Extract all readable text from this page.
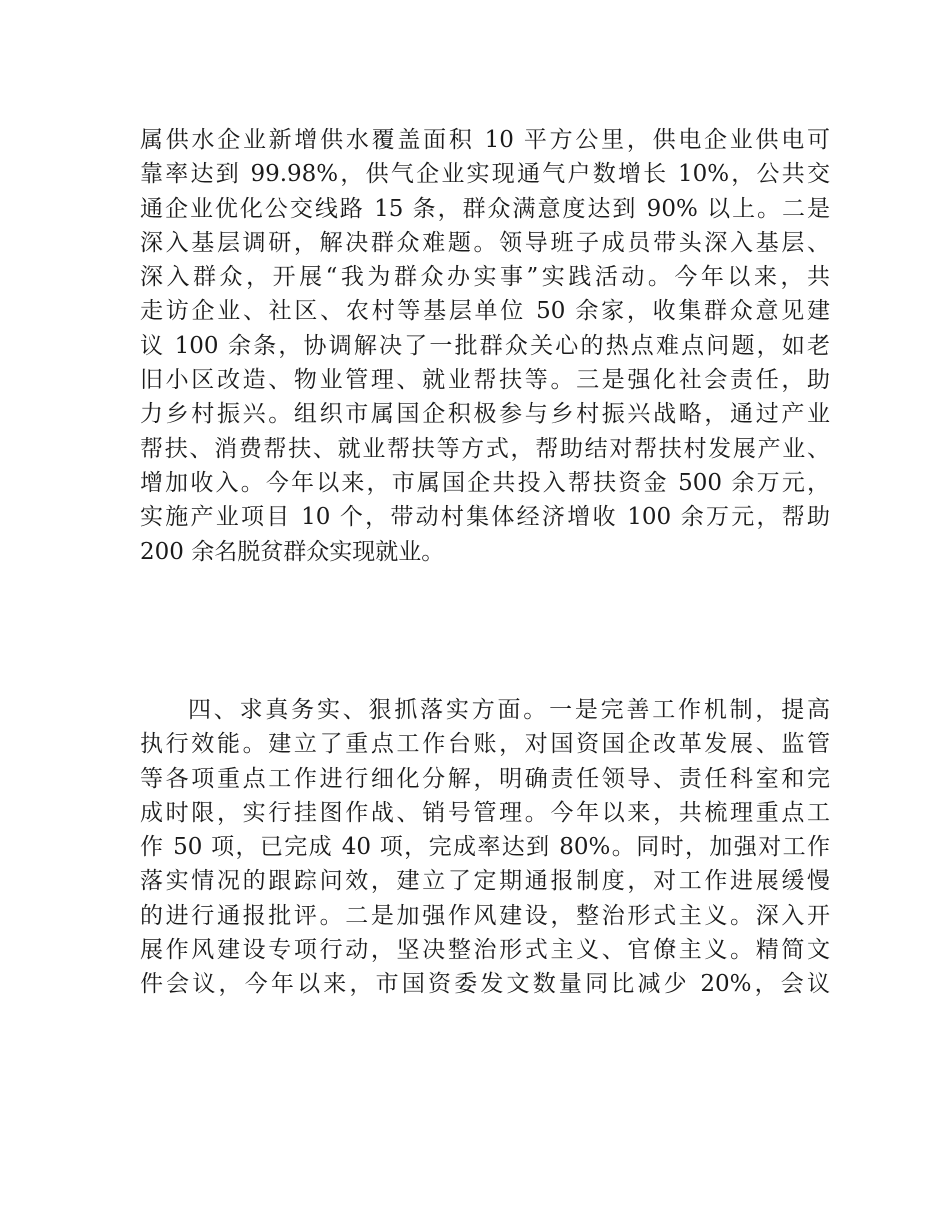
属供水企业新增供水覆盖面积 10 平方公里，供电企业供电可
靠率达到 99.98%，供气企业实现通气户数增长 10%，公共交
通企业优化公交线路 15 条，群众满意度达到 90% 以上。二是
深入基层调研，解决群众难题。领导班子成员带头深入基层、
深入群众，开展“我为群众办实事”实践活动。今年以来，共
走访企业、社区、农村等基层单位 50 余家，收集群众意见建
议 100 余条，协调解决了一批群众关心的热点难点问题，如老
旧小区改造、物业管理、就业帮扶等。三是强化社会责任，助
力乡村振兴。组织市属国企积极参与乡村振兴战略，通过产业
帮扶、消费帮扶、就业帮扶等方式，帮助结对帮扶村发展产业、
增加收入。今年以来，市属国企共投入帮扶资金 500 余万元，
实施产业项目 10 个，带动村集体经济增收 100 余万元，帮助
200 余名脱贫群众实现就业。
四、求真务实、狠抓落实方面。一是完善工作机制，提高
执行效能。建立了重点工作台账，对国资国企改革发展、监管
等各项重点工作进行细化分解，明确责任领导、责任科室和完
成时限，实行挂图作战、销号管理。今年以来，共梳理重点工
作 50 项，已完成 40 项，完成率达到 80%。同时，加强对工作
落实情况的跟踪问效，建立了定期通报制度，对工作进展缓慢
的进行通报批评。二是加强作风建设，整治形式主义。深入开
展作风建设专项行动，坚决整治形式主义、官僚主义。精简文
件会议，今年以来，市国资委发文数量同比减少 20%，会议
